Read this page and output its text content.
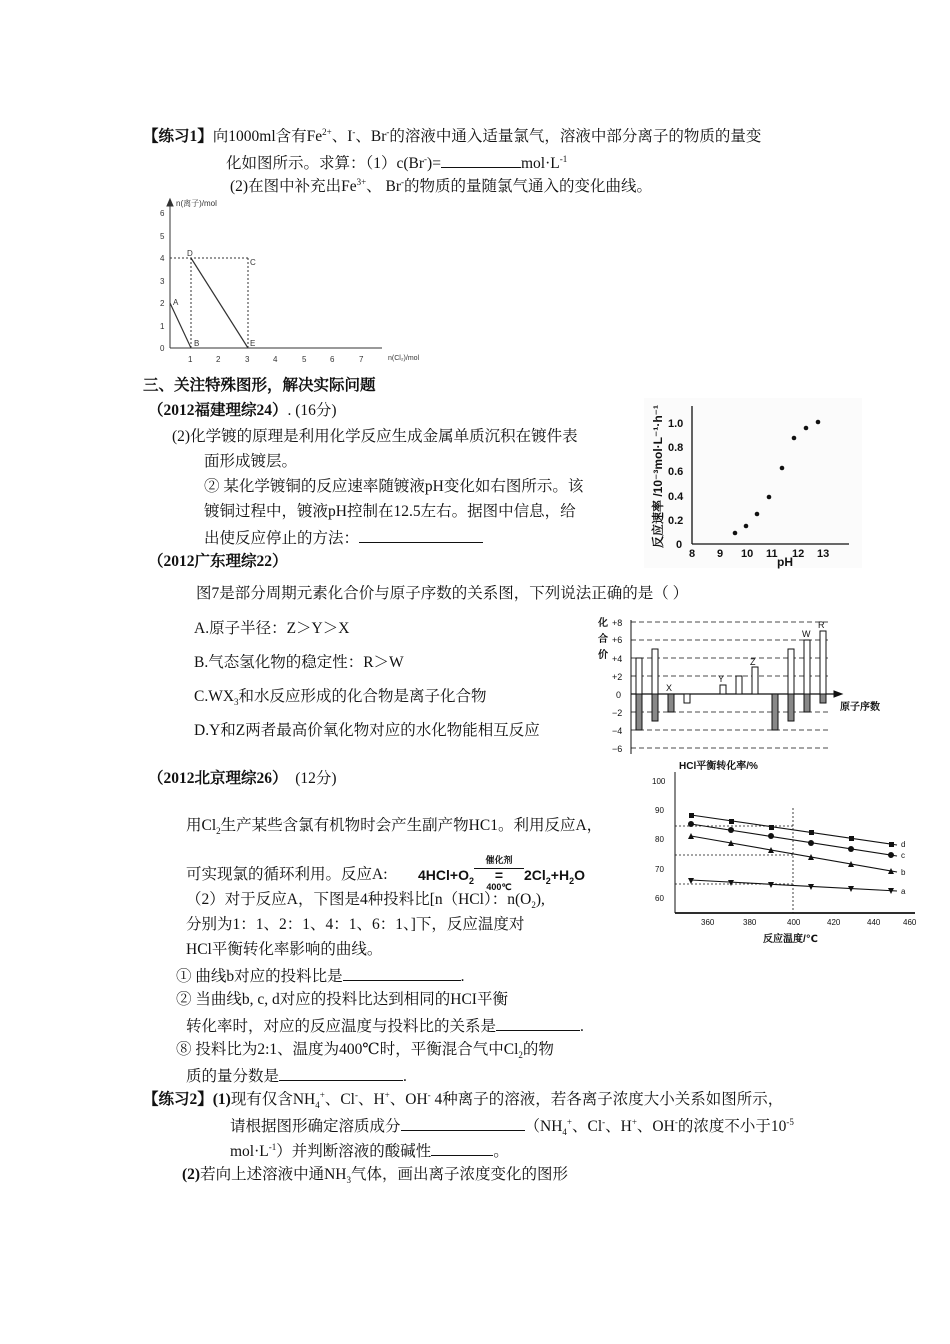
【练习1】向1000ml含有$Fe^{2+}$、I-、Br-的溶液中通入适量氯气，溶液中部分离子的物质的量变
化如图所示。求算：（1）c(Br-)=	$mol\cdot L^{-1}$
(2)在图中补充出$Fe^{3+}$、 Br-的物质的量随氯气通入的变化曲线。
n(离子)/mol
n(Cl₂)/mol
0
1
2
3
4
5
6
1	2	3	4	5	6	7
A
B
C
D
E
三、关注特殊图形，解决实际问题
（2012福建理综24）. (16分)
(2)化学镀的原理是利用化学反应生成金属单质沉积在镀件表
面形成镀层。
② 某化学镀铜的反应速率随镀液pH变化如右图所示。该
镀铜过程中，镀液pH控制在12.5左右。据图中信息，给
出使反应停止的方法：	0
0.2
0.4
0.6
0.8
1.0
8 9 10 11 12 13
pH
反应速率 /10⁻³mol·L⁻¹·h⁻¹
（2012广东理综22）
图7是部分周期元素化合价与原子序数的关系图，下列说法正确的是（ ）
A.原子半径：Z＞Y＞X
B.气态氢化物的稳定性：R＞W
$C.WX_3$和水反应形成的化合物是离子化合物
D.Y和Z两者最高价氧化物对应的水化物能相互反应
化
合
价
+8
+6
+4
+2
0
−2
−4
−6
X
Y
Z
W
R
原子序数
（2012北京理综26） (12分)
用$Cl_2$生产某些含氯有机物时会产生副产物HC1。利用反应A，
可实现氯的循环利用。反应A: $4HCl+O_2$
催化剂
=
400℃
$2Cl_2+H_2O$
（2）对于反应A，下图是4种投料比[n（HCl）：$n(O_2)$,
分别为1：1、2：1、4：1、6：1、]下，反应温度对
HCl平衡转化率影响的曲线。
① 曲线b对应的投料比是	.
② 当曲线b, c, d对应的投料比达到相同的HCI平衡
转化率时，对应的反应温度与投料比的关系是	.
⑧ 投料比为2:1、温度为400℃时，平衡混合气中$Cl_2$的物
质的量分数是	.
HCl平衡转化率/%
60
70
80
90
100
360	380	400	420	440	460
d
c
b
a
反应温度/℃
【练习2】(1)现有仅含$NH_4^+$、Cl-、H+、OH- 4种离子的溶液，若各离子浓度大小关系如图所示，
请根据图形确定溶质成分	（$NH_4^+$、Cl-、H+、OH-的浓度不小于$10^{-5}$
$mol\cdot L^{-1}$）并判断溶液的酸碱性	。
(2)若向上述溶液中通$NH_3$气体，画出离子浓度变化的图形
